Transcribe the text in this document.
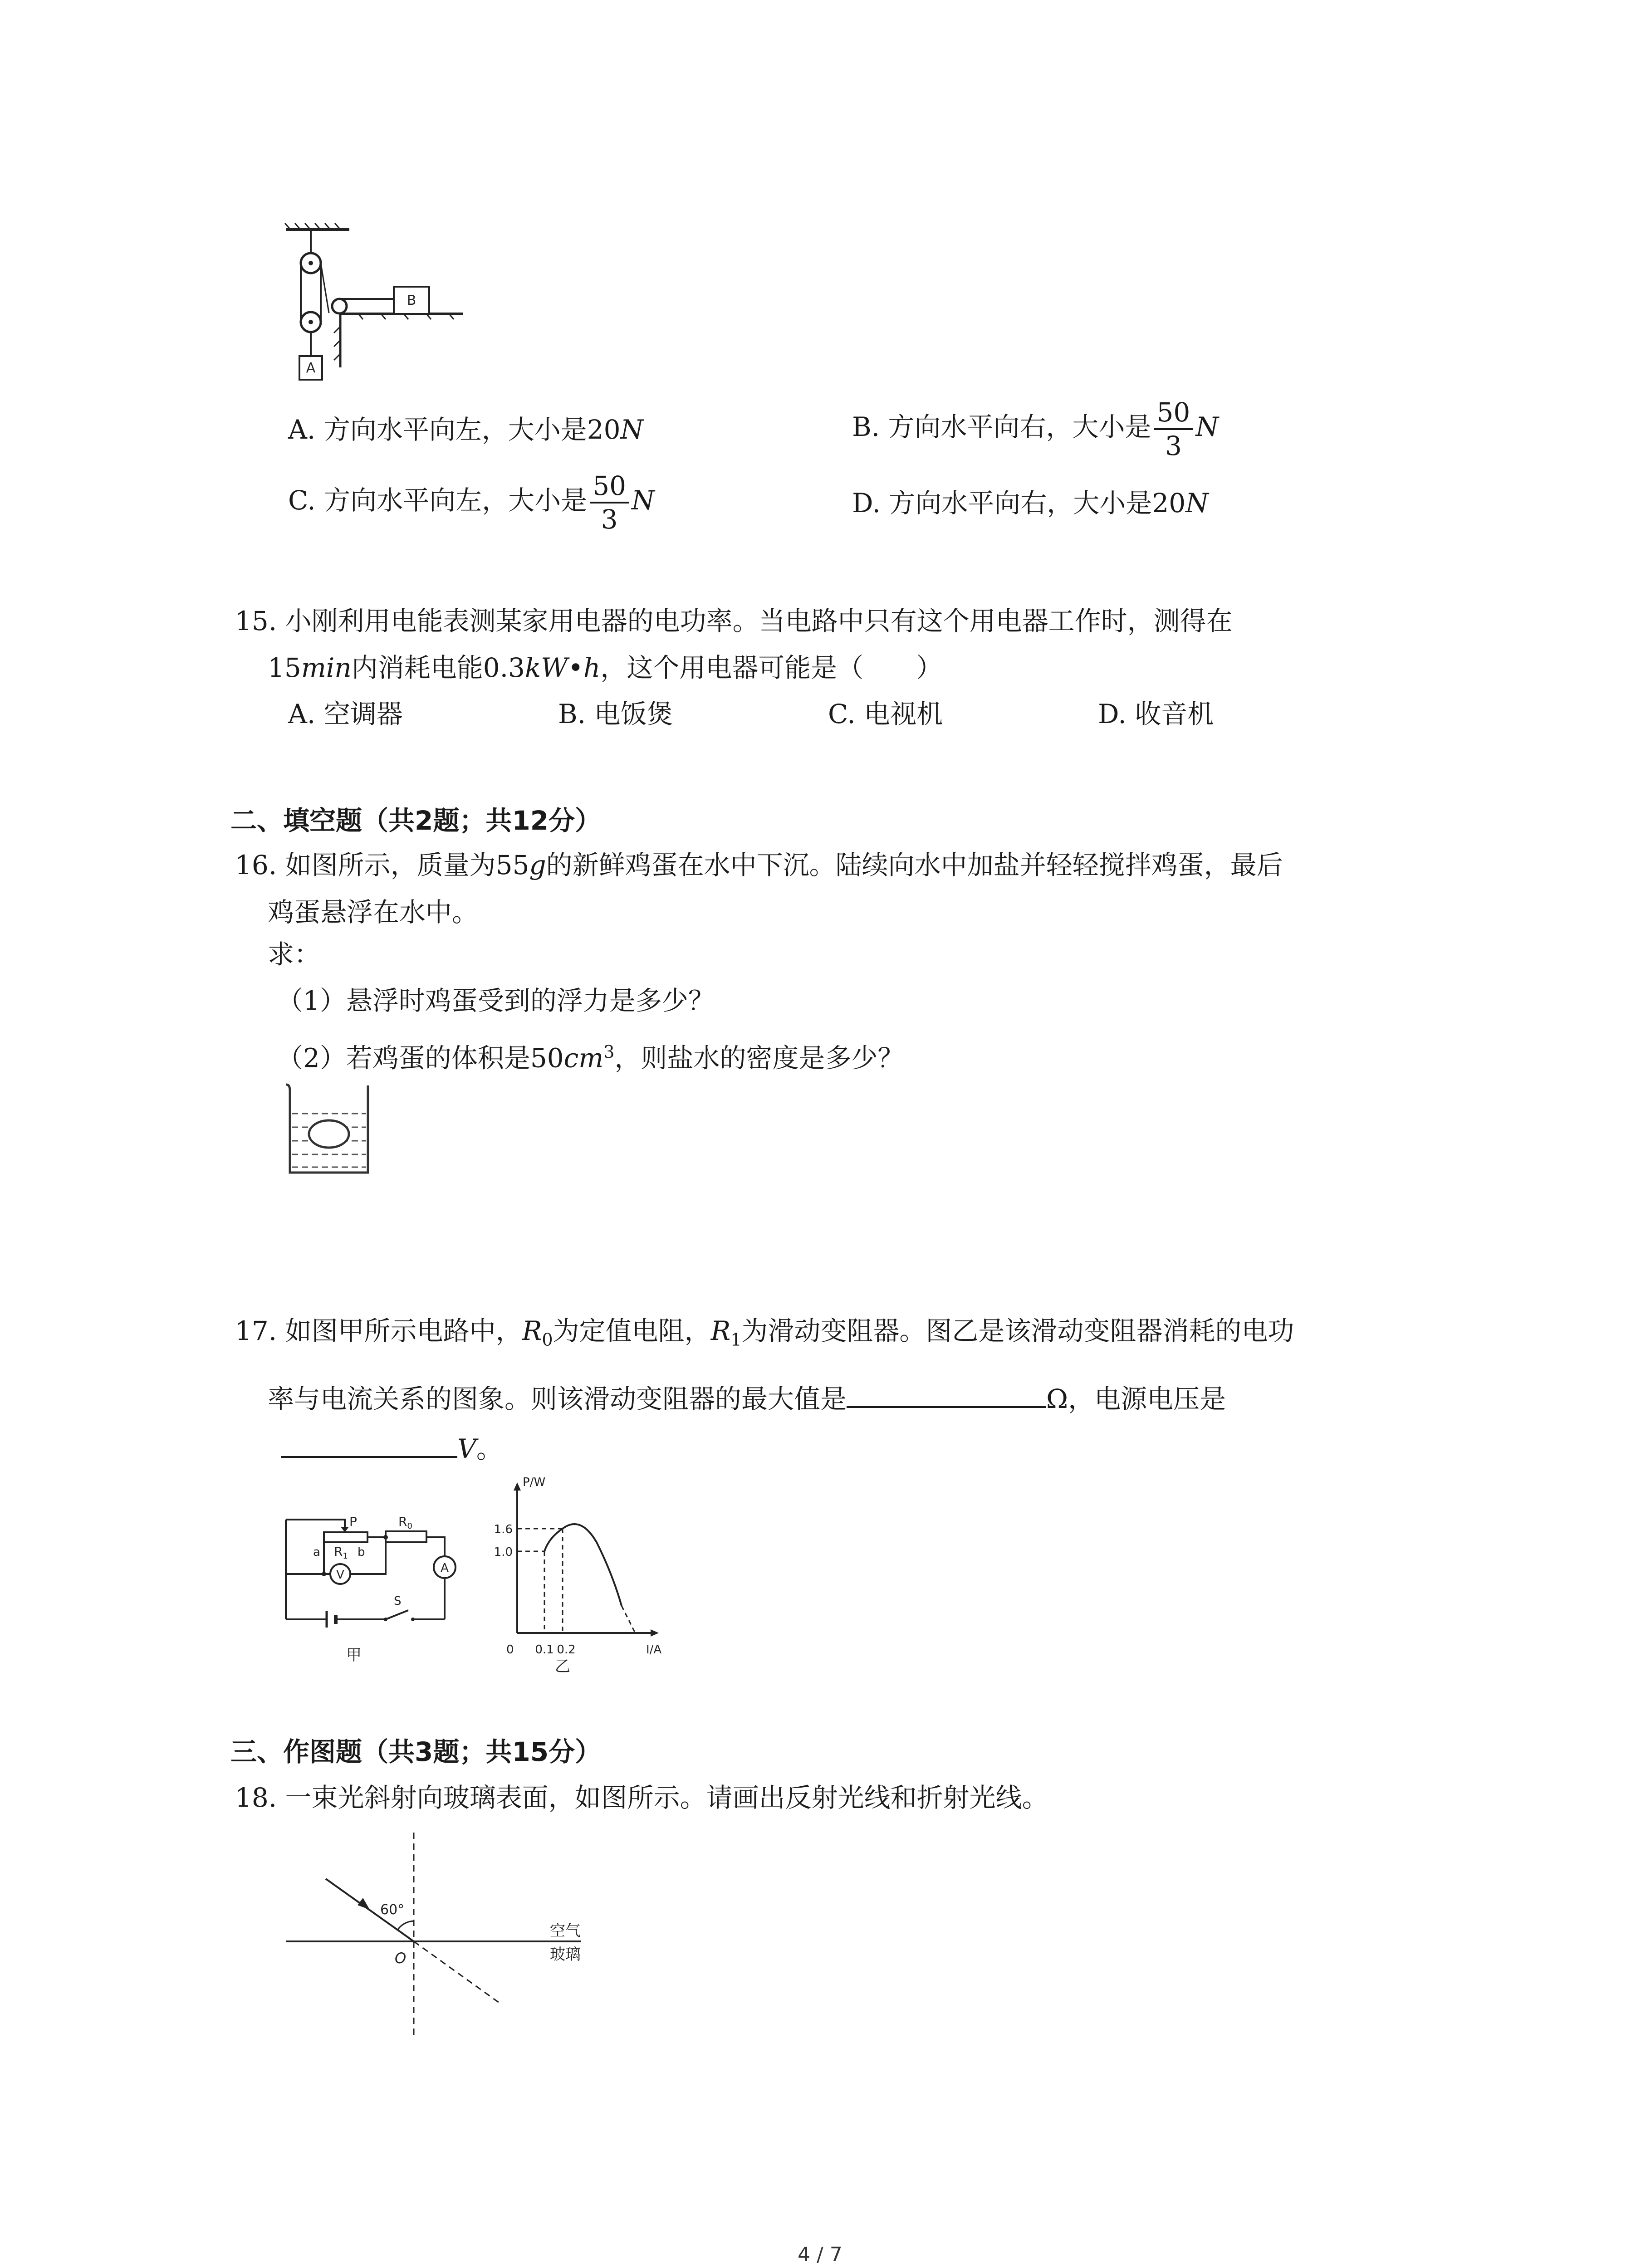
A
B
A. 方向水平向左，大小是20N	B. 方向水平向右，大小是 $\frac{50}{3}$ N
C. 方向水平向左，大小是 $\frac{50}{3}$ N	D. 方向水平向右，大小是20N
15. 小刚利用电能表测某家用电器的电功率。当电路中只有这个用电器工作时，测得在
15min内消耗电能0.3kW•h，这个用电器可能是（　　）
A. 空调器	B. 电饭煲	C. 电视机	D. 收音机
二、填空题（共2题；共12分）
16. 如图所示，质量为55g的新鲜鸡蛋在水中下沉。陆续向水中加盐并轻轻搅拌鸡蛋，最后
鸡蛋悬浮在水中。
求：
（1）悬浮时鸡蛋受到的浮力是多少？
（2）若鸡蛋的体积是$50cm^3$，则盐水的密度是多少？
17. 如图甲所示电路中，$R_0$为定值电阻，$R_1$为滑动变阻器。图乙是该滑动变阻器消耗的电功
率与电流关系的图象。则该滑动变阻器的最大值是	Ω，电源电压是
V。
P	$R_0$
a $R_1$ b
V	A
S
甲
P/W
1.6
1.0
0 0.1 0.2	I/A
乙
三、作图题（共3题；共15分）
18. 一束光斜射向玻璃表面，如图所示。请画出反射光线和折射光线。
60°
O
空气
玻璃
4 / 7
